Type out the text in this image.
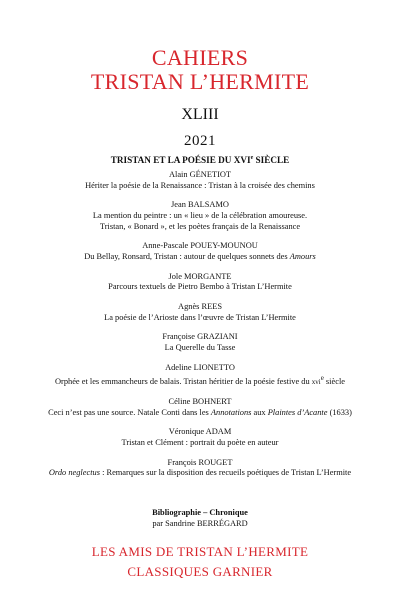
CAHIERS
TRISTAN L’HERMITE
XLIII
2021
TRISTAN ET LA POÉSIE DU XVIe SIÈCLE
Alain GÉNETIOT
Hériter la poésie de la Renaissance : Tristan à la croisée des chemins
Jean BALSAMO
La mention du peintre : un « lieu » de la célébration amoureuse.
Tristan, « Bonard », et les poètes français de la Renaissance
Anne-Pascale POUEY-MOUNOU
Du Bellay, Ronsard, Tristan : autour de quelques sonnets des Amours
Jole MORGANTE
Parcours textuels de Pietro Bembo à Tristan L’Hermite
Agnès REES
La poésie de l’Arioste dans l’œuvre de Tristan L’Hermite
Françoise GRAZIANI
La Querelle du Tasse
Adeline LIONETTO
Orphée et les emmancheurs de balais. Tristan héritier de la poésie festive du xvi$^e$ siècle
Céline BOHNERT
Ceci n’est pas une source. Natale Conti dans les Annotations aux Plaintes d’Acante (1633)
Véronique ADAM
Tristan et Clément : portrait du poète en auteur
François ROUGET
Ordo neglectus : Remarques sur la disposition des recueils poétiques de Tristan L’Hermite
Bibliographie – Chronique
par Sandrine BERRÉGARD
LES AMIS DE TRISTAN L’HERMITE
CLASSIQUES GARNIER
